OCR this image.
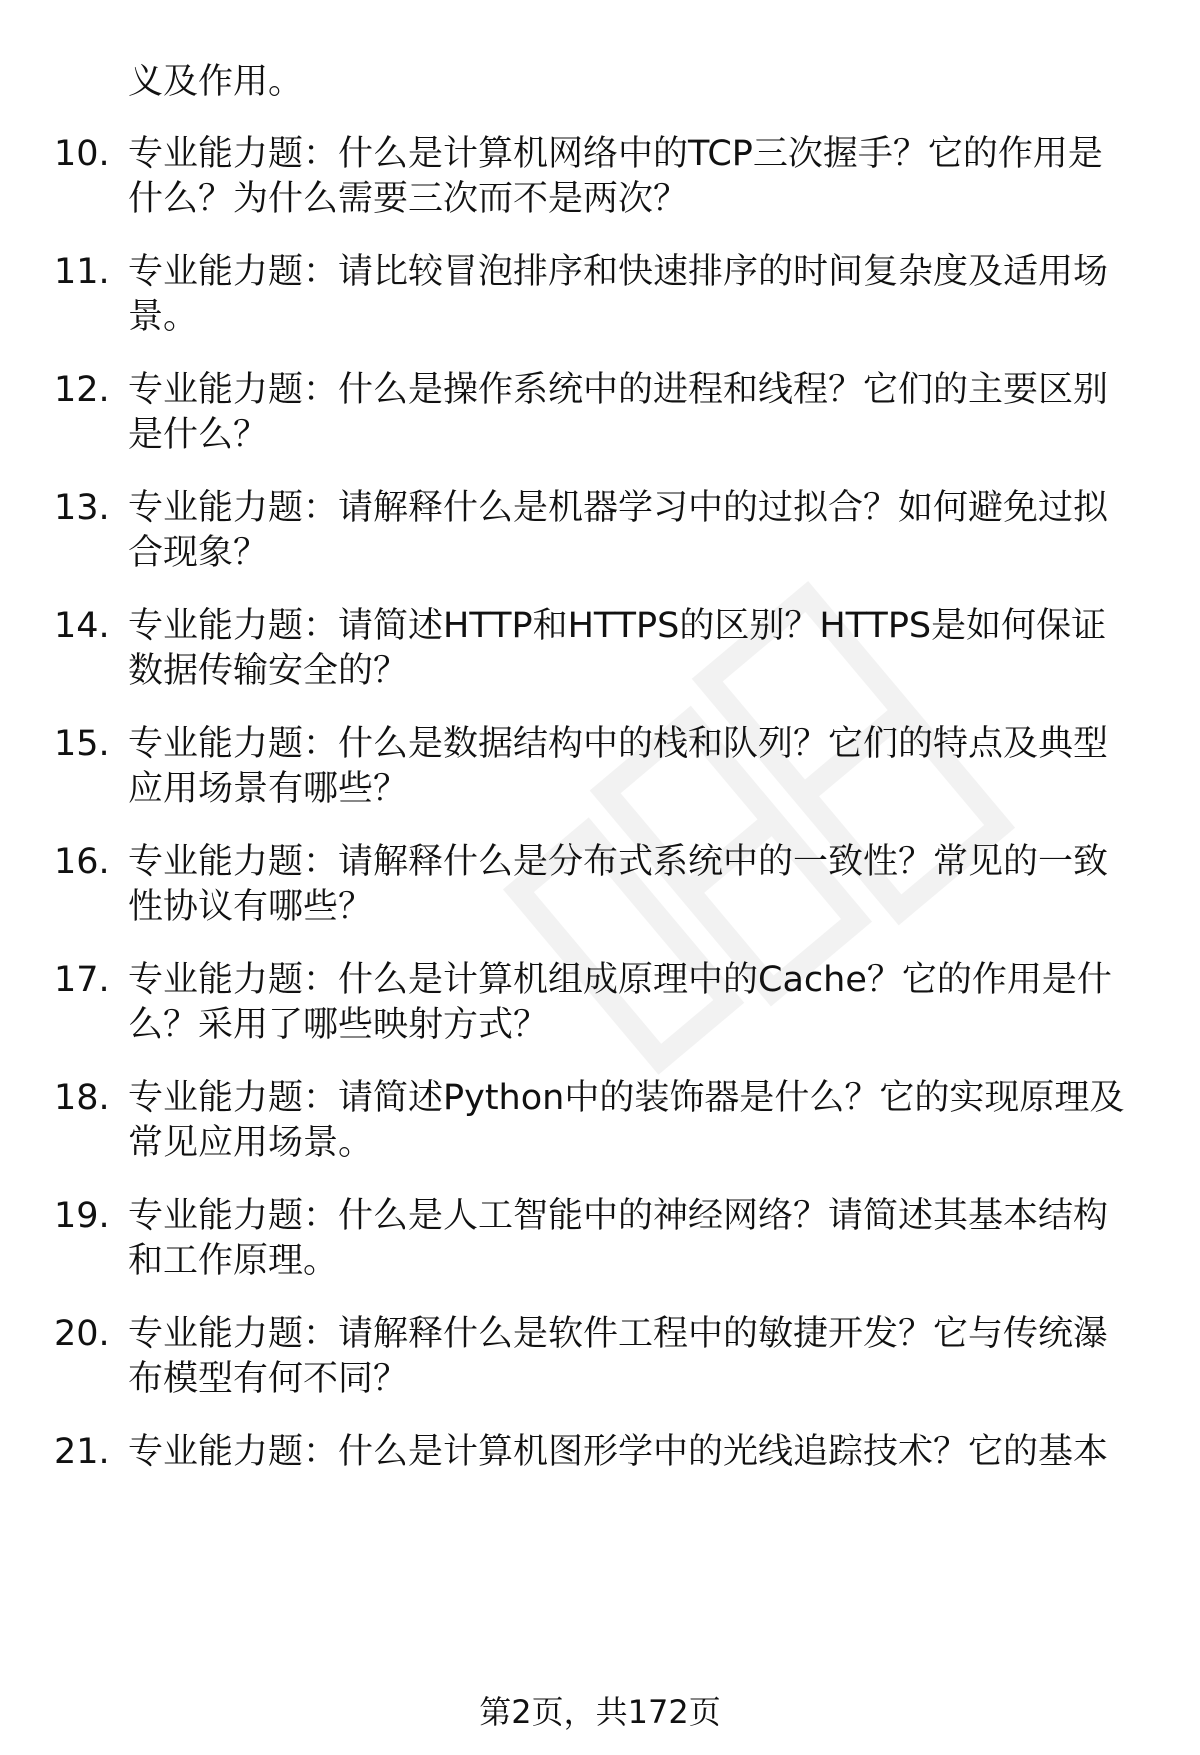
义及作用。
10. 专业能力题：什么是计算机网络中的TCP三次握手？它的作用是
什么？为什么需要三次而不是两次？
11. 专业能力题：请比较冒泡排序和快速排序的时间复杂度及适用场
景。
12. 专业能力题：什么是操作系统中的进程和线程？它们的主要区别
是什么？
13. 专业能力题：请解释什么是机器学习中的过拟合？如何避免过拟
合现象？
14. 专业能力题：请简述HTTP和HTTPS的区别？HTTPS是如何保证
数据传输安全的？
15. 专业能力题：什么是数据结构中的栈和队列？它们的特点及典型
应用场景有哪些？
16. 专业能力题：请解释什么是分布式系统中的一致性？常见的一致
性协议有哪些？
17. 专业能力题：什么是计算机组成原理中的Cache？它的作用是什
么？采用了哪些映射方式？
18. 专业能力题：请简述Python中的装饰器是什么？它的实现原理及
常见应用场景。
19. 专业能力题：什么是人工智能中的神经网络？请简述其基本结构
和工作原理。
20. 专业能力题：请解释什么是软件工程中的敏捷开发？它与传统瀑
布模型有何不同？
21. 专业能力题：什么是计算机图形学中的光线追踪技术？它的基本
第2页，共172页
